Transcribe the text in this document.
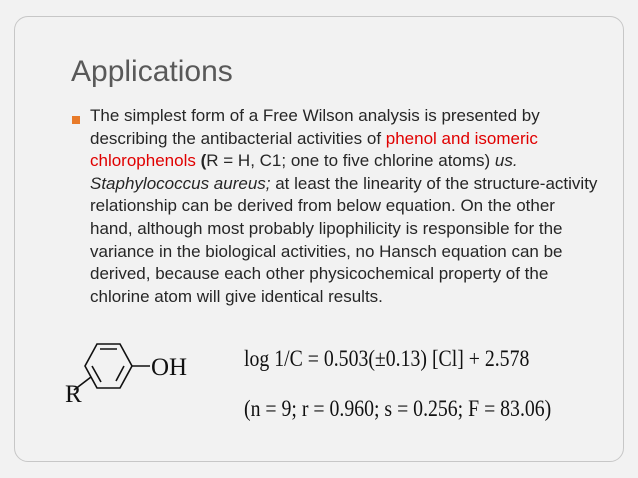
Applications
The simplest form of a Free Wilson analysis is presented by describing the antibacterial activities of phenol and isomeric chlorophenols (R = H, C1; one to five chlorine atoms) us. Staphylococcus aureus; at least the linearity of the structure-activity relationship can be derived from below equation. On the other hand, although most probably lipophilicity is responsible for the variance in the biological activities, no Hansch equation can be derived, because each other physicochemical property of the chlorine atom will give identical results.
OH
R
log 1/C = 0.503(±0.13) [Cl] + 2.578
(n = 9; r = 0.960; s = 0.256; F = 83.06)
